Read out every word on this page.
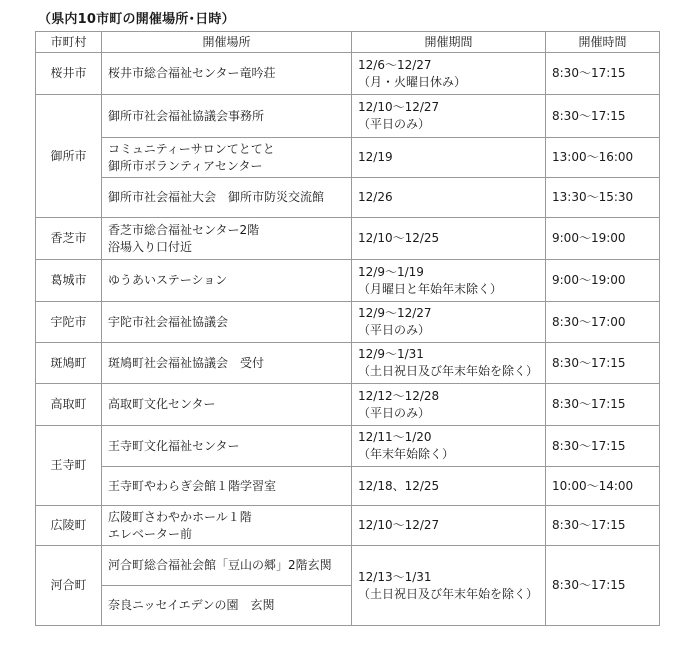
（県内10市町の開催場所･日時）
市町村	開催場所	開催期間	開催時間
桜井市	桜井市総合福祉センター竜吟荘	12/6～12/27
（月・火曜日休み）	8:30～17:15
御所市	御所市社会福祉協議会事務所	12/10～12/27
（平日のみ）	8:30～17:15

	コミュニティーサロンてとてと
御所市ボランティアセンター	12/19	13:00～16:00

	御所市社会福祉大会　御所市防災交流館	12/26	13:30～15:30
香芝市	香芝市総合福祉センター2階
浴場入り口付近	12/10～12/25	9:00～19:00
葛城市	ゆうあいステーション	12/9～1/19
（月曜日と年始年末除く）	9:00～19:00
宇陀市	宇陀市社会福祉協議会	12/9～12/27
（平日のみ）	8:30～17:00
斑鳩町	斑鳩町社会福祉協議会　受付	12/9～1/31
（土日祝日及び年末年始を除く）	8:30～17:15
高取町	高取町文化センター	12/12～12/28
（平日のみ）	8:30～17:15
王寺町	王寺町文化福祉センター	12/11～1/20
（年末年始除く）	8:30～17:15

	王寺町やわらぎ会館１階学習室	12/18、12/25	10:00～14:00
広陵町	広陵町さわやかホール１階
エレベーター前	12/10～12/27	8:30～17:15
河合町	河合町総合福祉会館「豆山の郷」2階玄関	12/13～1/31
（土日祝日及び年末年始を除く）	8:30～17:15

	奈良ニッセイエデンの園　玄関		
